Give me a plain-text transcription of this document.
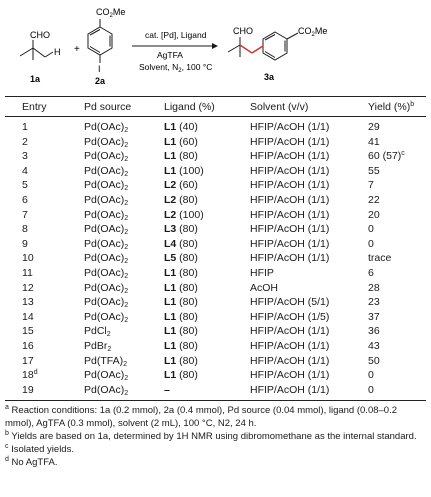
CHO
H
1a
+
$CO_2Me$
I
2a
cat. [Pd], Ligand
AgTFA
Solvent, $N_2$, 100 °C
CHO	$CO_2Me$
3a
Entry	Pd source	Ligand (%)	Solvent (v/v)	Yield (%)$^b$
1	$Pd(OAc)_2$	L1 (40)	HFIP/AcOH (1/1)	29
2	$Pd(OAc)_2$	L1 (60)	HFIP/AcOH (1/1)	41
3	$Pd(OAc)_2$	L1 (80)	HFIP/AcOH (1/1)	60 $(57)^c$
4	$Pd(OAc)_2$	L1 (100)	HFIP/AcOH (1/1)	55
5	$Pd(OAc)_2$	L2 (60)	HFIP/AcOH (1/1)	7
6	$Pd(OAc)_2$	L2 (80)	HFIP/AcOH (1/1)	22
7	$Pd(OAc)_2$	L2 (100)	HFIP/AcOH (1/1)	20
8	$Pd(OAc)_2$	L3 (80)	HFIP/AcOH (1/1)	0
9	$Pd(OAc)_2$	L4 (80)	HFIP/AcOH (1/1)	0
10	$Pd(OAc)_2$	L5 (80)	HFIP/AcOH (1/1)	trace
11	$Pd(OAc)_2$	L1 (80)	HFIP	6
12	$Pd(OAc)_2$	L1 (80)	AcOH	28
13	$Pd(OAc)_2$	L1 (80)	HFIP/AcOH (5/1)	23
14	$Pd(OAc)_2$	L1 (80)	HFIP/AcOH (1/5)	37
15	PdCl$_2$	L1 (80)	HFIP/AcOH (1/1)	36
16	PdBr$_2$	L1 (80)	HFIP/AcOH (1/1)	43
17	$Pd(TFA)_2$	L1 (80)	HFIP/AcOH (1/1)	50
18$^d$	$Pd(OAc)_2$	L1 (80)	HFIP/AcOH (1/1)	0
19	$Pd(OAc)_2$	–	HFIP/AcOH (1/1)	0
$^a$ Reaction conditions: 1a (0.2 mmol), 2a (0.4 mmol), Pd source (0.04 mmol), ligand (0.08–0.2 mmol), AgTFA (0.3 mmol), solvent (2 mL), 100 °C, N2, 24 h.
$^b$ Yields are based on 1a, determined by 1H NMR using dibromomethane as the internal standard.
$^c$ Isolated yields.
$^d$ No AgTFA.
